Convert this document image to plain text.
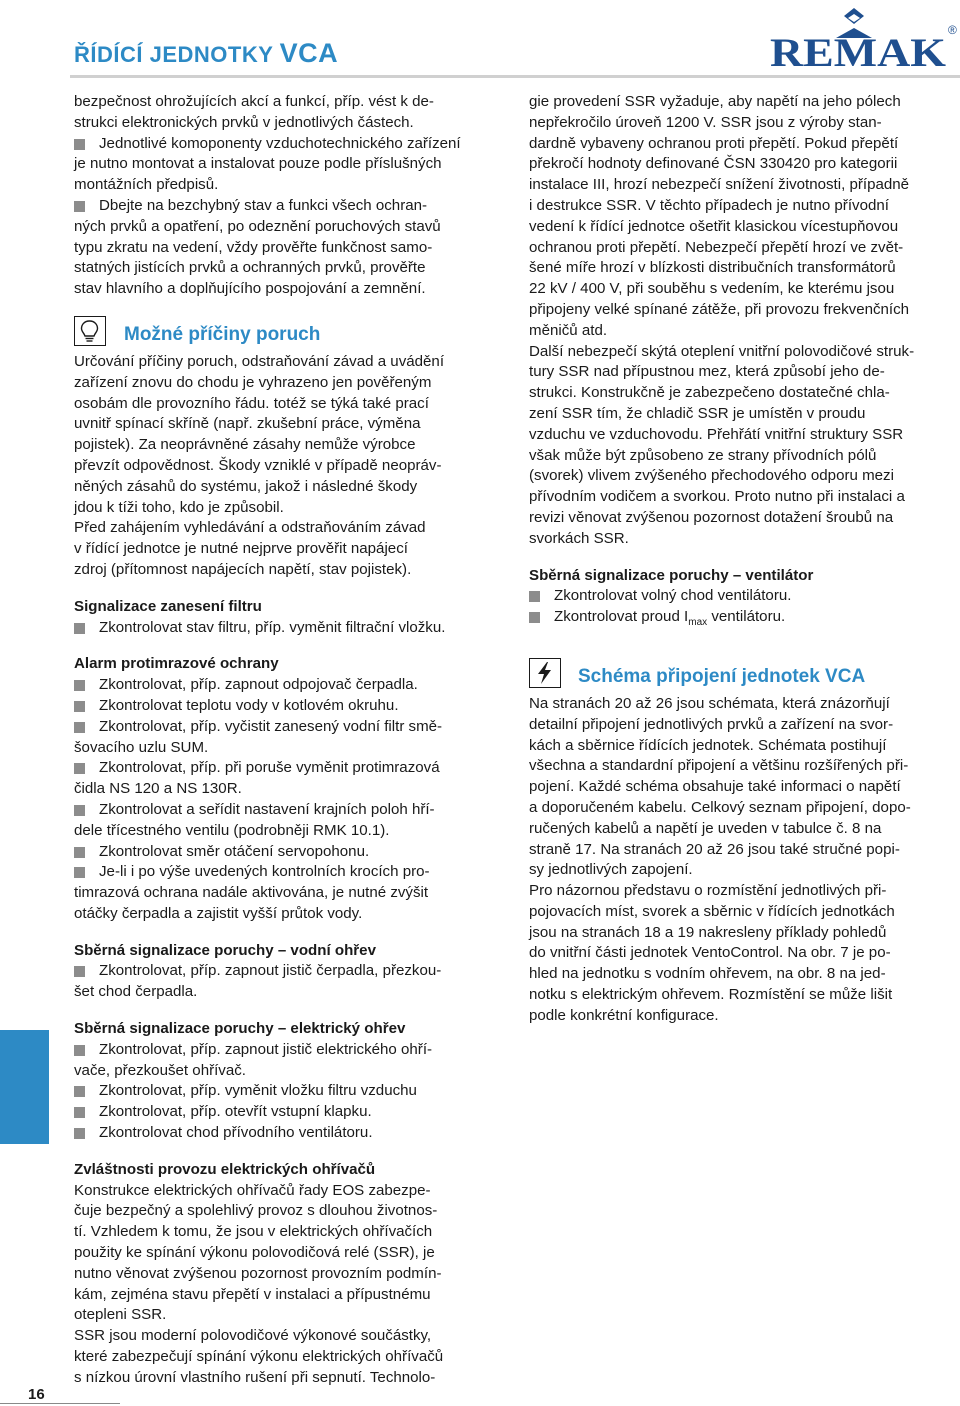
ŘÍDÍCÍ JEDNOTKY VCA	REMAK ®
16

bezpečnost ohrožujících akcí a funkcí, příp. vést k de-

strukci elektronických prvků v jednotlivých částech.

Jednotlivé komoponenty vzduchotechnického zařízení

je nutno montovat a instalovat pouze podle příslušných

montážních předpisů.

Dbejte na bezchybný stav a funkci všech ochran-

ných prvků a opatření, po odeznění poruchových stavů

typu zkratu na vedení, vždy prověřte funkčnost samo-

statných jistících prvků a ochranných prvků, prověřte

stav hlavního a doplňujícího pospojování a zemnění.

Možné příčiny poruch

Určování příčiny poruch, odstraňování závad a uvádění

zařízení znovu do chodu je vyhrazeno jen pověřeným

osobám dle provozního řádu. totéž se týká také prací

uvnitř spínací skříně (např. zkušební práce, výměna

pojistek). Za neoprávněné zásahy nemůže výrobce

převzít odpovědnost. Škody vzniklé v případě neopráv-

něných zásahů do systému, jakož i následné škody

jdou k tíži toho, kdo je způsobil.

Před zahájením vyhledávání a odstraňováním závad

v řídící jednotce je nutné nejprve prověřit napájecí

zdroj (přítomnost napájecích napětí, stav pojistek).

Signalizace zanesení filtru

Zkontrolovat stav filtru, příp. vyměnit filtrační vložku.

Alarm protimrazové ochrany

Zkontrolovat, příp. zapnout odpojovač čerpadla.

Zkontrolovat teplotu vody v kotlovém okruhu.

Zkontrolovat, příp. vyčistit zanesený vodní filtr smě-

šovacího uzlu SUM.

Zkontrolovat, příp. při poruše vyměnit protimrazová

čidla NS 120 a NS 130R.

Zkontrolovat a seřídit nastavení krajních poloh hří-

dele třícestného ventilu (podrobněji RMK 10.1).

Zkontrolovat směr otáčení servopohonu.

Je-li i po výše uvedených kontrolních krocích pro-

timrazová ochrana nadále aktivována, je nutné zvýšit

otáčky čerpadla a zajistit vyšší průtok vody.

Sběrná signalizace poruchy – vodní ohřev

Zkontrolovat, příp. zapnout jistič čerpadla, přezkou-

šet chod čerpadla.

Sběrná signalizace poruchy – elektrický ohřev

Zkontrolovat, příp. zapnout jistič elektrického ohří-

vače, přezkoušet ohřívač.

Zkontrolovat, příp. vyměnit vložku filtru vzduchu

Zkontrolovat, příp. otevřít vstupní klapku.

Zkontrolovat chod přívodního ventilátoru.

Zvláštnosti provozu elektrických ohřívačů

Konstrukce elektrických ohřívačů řady EOS zabezpe-

čuje bezpečný a spolehlivý provoz s dlouhou životnos-

tí. Vzhledem k tomu, že jsou v elektrických ohřívačích

použity ke spínání výkonu polovodičová relé (SSR), je

nutno věnovat zvýšenou pozornost provozním podmín-

kám, zejména stavu přepětí v instalaci a přípustnému

otepleni SSR.

SSR jsou moderní polovodičové výkonové součástky,

které zabezpečují spínání výkonu elektrických ohřívačů

s nízkou úrovní vlastního rušení při sepnutí. Technolo-

gie provedení SSR vyžaduje, aby napětí na jeho pólech

nepřekročilo úroveň 1200 V. SSR jsou z výroby stan-

dardně vybaveny ochranou proti přepětí. Pokud přepětí

překročí hodnoty definované ČSN 330420 pro kategorii

instalace III, hrozí nebezpečí snížení životnosti, případně

i destrukce SSR. V těchto případech je nutno přívodní

vedení k řídící jednotce ošetřit klasickou vícestupňovou

ochranou proti přepětí. Nebezpečí přepětí hrozí ve zvět-

šené míře hrozí v blízkosti distribučních transformátorů

22 kV / 400 V, při souběhu s vedením, ke kterému jsou

připojeny velké spínané zátěže, při provozu frekvenčních

měničů atd.

Další nebezpečí skýtá oteplení vnitřní polovodičové struk-

tury SSR nad přípustnou mez, která způsobí jeho de-

strukci. Konstrukčně je zabezpečeno dostatečné chla-

zení SSR tím, že chladič SSR je umístěn v proudu

vzduchu ve vzduchovodu. Přehřátí vnitřní struktury SSR

však může být způsobeno ze strany přívodních pólů

(svorek) vlivem zvýšeného přechodového odporu mezi

přívodním vodičem a svorkou. Proto nutno při instalaci a

revizi věnovat zvýšenou pozornost dotažení šroubů na

svorkách SSR.

Sběrná signalizace poruchy – ventilátor

Zkontrolovat volný chod ventilátoru.

Zkontrolovat proud $I_{max}$ ventilátoru.

Schéma připojení jednotek VCA

Na stranách 20 až 26 jsou schémata, která znázorňují

detailní připojení jednotlivých prvků a zařízení na svor-

kách a sběrnice řídících jednotek. Schémata postihují

všechna a standardní připojení a většinu rozšířených při-

pojení. Každé schéma obsahuje také informaci o napětí

a doporučeném kabelu. Celkový seznam připojení, dopo-

ručených kabelů a napětí je uveden v tabulce č. 8 na

straně 17. Na stranách 20 až 26 jsou také stručné popi-

sy jednotlivých zapojení.

Pro názornou představu o rozmístění jednotlivých při-

pojovacích míst, svorek a sběrnic v řídících jednotkách

jsou na stranách 18 a 19 nakresleny příklady pohledů

do vnitřní části jednotek VentoControl. Na obr. 7 je po-

hled na jednotku s vodním ohřevem, na obr. 8 na jed-

notku s elektrickým ohřevem. Rozmístění se může lišit

podle konkrétní konfigurace.
